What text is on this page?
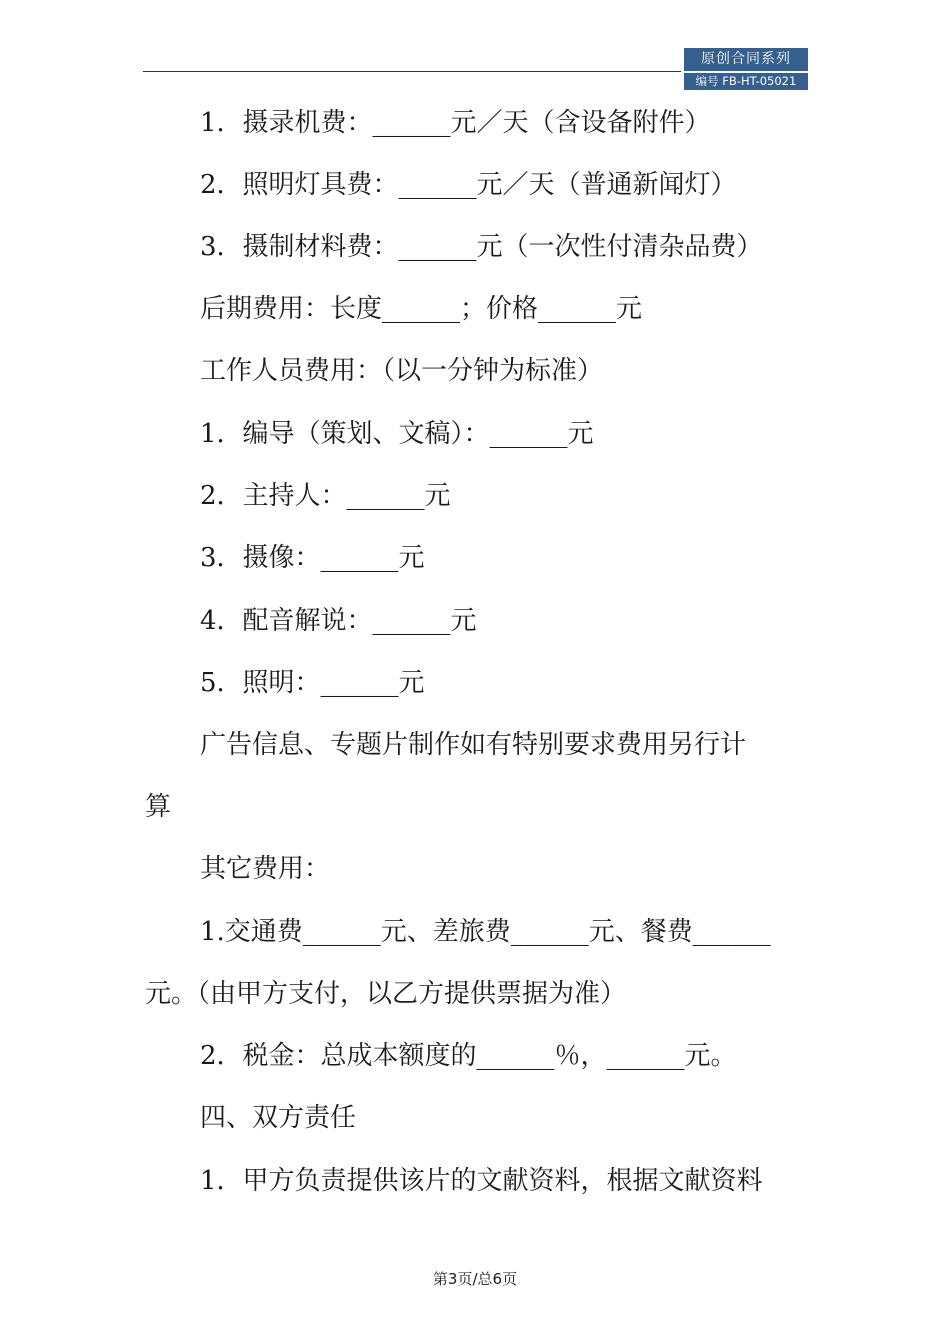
原创合同系列
编号 FB-HT-05021
1．摄录机费：______元／天（含设备附件）
2．照明灯具费：______元／天（普通新闻灯）
3．摄制材料费：______元（一次性付清杂品费）
后期费用：长度______；价格______元
工作人员费用：（以一分钟为标准）
1．编导（策划、文稿）：______元
2．主持人：______元
3．摄像：______元
4．配音解说：______元
5．照明：______元
广告信息、专题片制作如有特别要求费用另行计
算
其它费用：
1.交通费______元、差旅费______元、餐费______
元。（由甲方支付，以乙方提供票据为准）
2．税金：总成本额度的______％，______元。
四、双方责任
1．甲方负责提供该片的文献资料，根据文献资料
第3页/总6页
